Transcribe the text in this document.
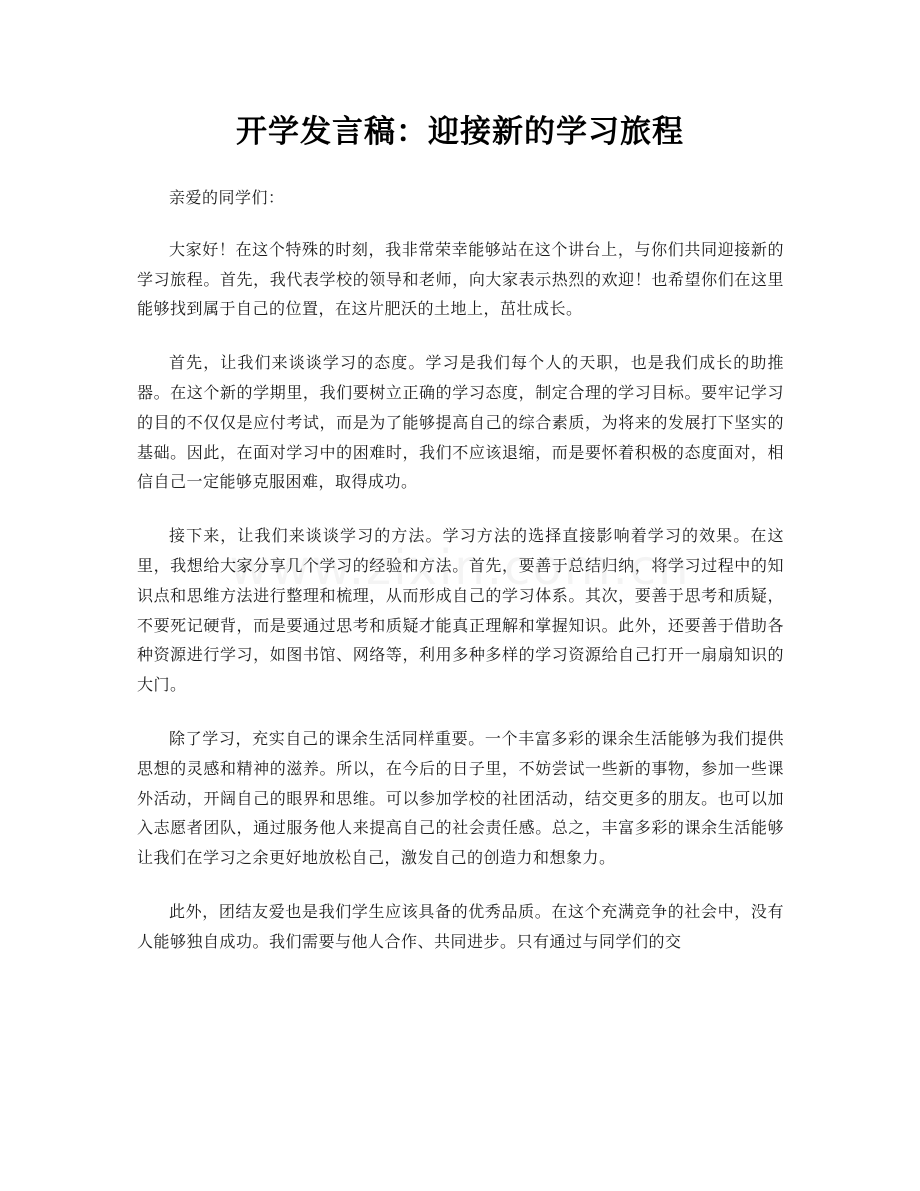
开学发言稿：迎接新的学习旅程

亲爱的同学们：

大家好！在这个特殊的时刻，我非常荣幸能够站在这个讲台上，与你们共同迎接新的学习旅程。首先，我代表学校的领导和老师，向大家表示热烈的欢迎！也希望你们在这里能够找到属于自己的位置，在这片肥沃的土地上，茁壮成长。

首先，让我们来谈谈学习的态度。学习是我们每个人的天职，也是我们成长的助推器。在这个新的学期里，我们要树立正确的学习态度，制定合理的学习目标。要牢记学习的目的不仅仅是应付考试，而是为了能够提高自己的综合素质，为将来的发展打下坚实的基础。因此，在面对学习中的困难时，我们不应该退缩，而是要怀着积极的态度面对，相信自己一定能够克服困难，取得成功。

接下来，让我们来谈谈学习的方法。学习方法的选择直接影响着学习的效果。在这里，我想给大家分享几个学习的经验和方法。首先，要善于总结归纳，将学习过程中的知识点和思维方法进行整理和梳理，从而形成自己的学习体系。其次，要善于思考和质疑，不要死记硬背，而是要通过思考和质疑才能真正理解和掌握知识。此外，还要善于借助各种资源进行学习，如图书馆、网络等，利用多种多样的学习资源给自己打开一扇扇知识的大门。

除了学习，充实自己的课余生活同样重要。一个丰富多彩的课余生活能够为我们提供思想的灵感和精神的滋养。所以，在今后的日子里，不妨尝试一些新的事物，参加一些课外活动，开阔自己的眼界和思维。可以参加学校的社团活动，结交更多的朋友。也可以加入志愿者团队，通过服务他人来提高自己的社会责任感。总之，丰富多彩的课余生活能够让我们在学习之余更好地放松自己，激发自己的创造力和想象力。

此外，团结友爱也是我们学生应该具备的优秀品质。在这个充满竞争的社会中，没有人能够独自成功。我们需要与他人合作、共同进步。只有通过与同学们的交
